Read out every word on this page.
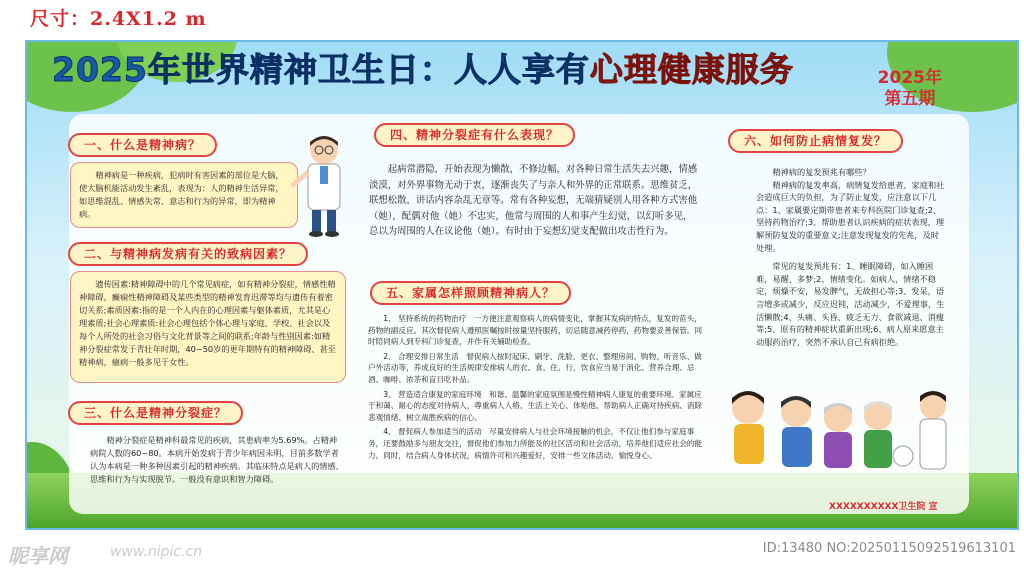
尺寸：2.4X1.2 m
2025年世界精神卫生日：人人享有心理健康服务	2025年
第五期
一、什么是精神病？

精神病是一种疾病，犯病时有害因素的部位是大脑，使大脑机能活动发生紊乱，表现为：人的精神生活异常，如思维混乱、情感失常、意志和行为的异常，即为精神病。

二、与精神病发病有关的致病因素？

遗传因素:精神障碍中的几个常见病症，如有精神分裂症，情感性精神障碍，癫痫性精神障碍及某些类型的精神发育迟滞等均与遗传有着密切关系;素质因素:指的是一个人内在的心理因素与躯体素质，尤其是心理素质;社会心理素质:社会心理包括个体心理与家庭、学校、社会以及每个人所处的社会习俗与文化背景等之间的联系;年龄与性别因素:如精神分裂症常发于青壮年时期，40~50岁的更年期特有的精神障碍、甚至精神病，癔病一般多见于女性。

三、什么是精神分裂症？

精神分裂症是精神科最常见的疾病，其患病率为5.69%。占精神病院人数的60~80。本病开始发病于青少年病因未明，目前多数学者认为本病是一种多种因素引起的精神疾病。其临床特点是病人的情感、思维和行为与实现脱节。一般没有意识和智力障碍。

四、精神分裂症有什么表现？

起病常潜隐，开始表现为懒散，不修边幅，对各种日常生活失去兴趣，情感淡漠，对外界事物无动于衷，逐渐丧失了与亲人和外界的正常联系。思维贫乏，联想松散，讲话内容杂乱无章等。常有各种妄想，无端猜疑别人用各种方式害他（她），配偶对他（她）不忠实，他常与周围的人和事产生幻觉，以幻听多见，总以为周围的人在议论他（她）。有时由于妄想幻觉支配做出攻击性行为。

五、家属怎样照顾精神病人？

1、 坚持系统的药物治疗　一方便注意观察病人的病情变化，掌握其发病的特点，复发的苗头，药物的副反应。其次督促病人遵照医嘱按时按量坚持服药，切忌随意减药停药，药物要妥善保管。同时陪同病人到专科门诊复查，并作有关辅助检查。

2、 合理安排日常生活　督促病人按时起床、刷牙、洗脸、更衣、整理房间、购物、听音乐、做户外活动等，养成良好的生活规律安排病人的衣、食、住、行，饮食应当易于消化、营养合理、忌酒、咖啡、浓茶和盲目吃补品。

3、 营造适合康复的家庭环境　和谐、温馨的家庭氛围是慢性精神病人康复的重要环境。家属应于和蔼、耐心的态度对待病人，尊重病人人格、生活上关心、体贴他、帮助病人正确对待疾病、消除悲观情绪、树立战胜疾病的信心。

4、 督促病人参加适当的活动　尽量安排病人与社会环境接触的机会，不仅让他们参与家庭事务，还要鼓励多与朋友交往，督促他们参加力所能及的社区活动和社会活动，培养他们适应社会的能力。同时，结合病人身体状况，病情许可和兴趣爱好，安排一些文体活动、愉悦身心。

六、如何防止病情复发？

精神病的复发预兆有哪些？

精神病的复发率高，病情复发给患者、家庭和社会造成巨大的负担，为了防止复发，应注意以下几点：1、家属要定期带患者来专科医院门诊复查;2、坚持药物治疗;3、帮助患者认识疾病的症状表现，理解预防复发的重要意义;注意发现复发的先兆，及时处理。

常见的复发预兆有：1、睡眠障碍，如入睡困难，易醒、多梦;2、情绪变化。如病人，情绪不稳定，烦燥不安，易发脾气，无故担心等;3、发呆，语言增多或减少，反应迟钝，活动减少，不爱理事，生活懒散;4、头痛、头昏、疲乏无力、食欲减退、消瘦等;5、原有的精神症状重新出现;6、病人原来愿意主动服药治疗，突然不承认自己有病拒绝。

XXXXXXXXXX卫生院 宣
昵享网	www.nipic.cn	ID:13480 NO:20250115092519613101
